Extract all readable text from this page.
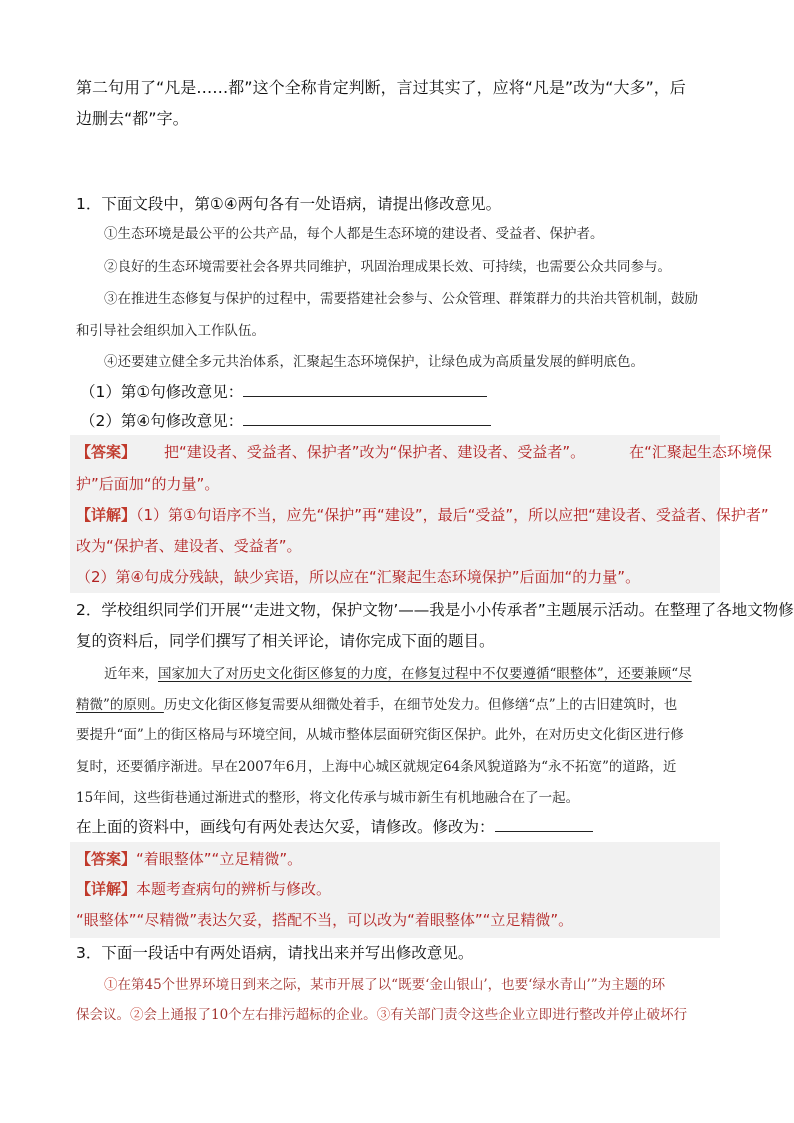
第二句用了“凡是……都”这个全称肯定判断，言过其实了，应将“凡是”改为“大多”，后
边删去“都”字。
1．下面文段中，第①④两句各有一处语病，请提出修改意见。
①生态环境是最公平的公共产品，每个人都是生态环境的建设者、受益者、保护者。
②良好的生态环境需要社会各界共同维护，巩固治理成果长效、可持续，也需要公众共同参与。
③在推进生态修复与保护的过程中，需要搭建社会参与、公众管理、群策群力的共治共管机制，鼓励
和引导社会组织加入工作队伍。
④还要建立健全多元共治体系，汇聚起生态环境保护，让绿色成为高质量发展的鲜明底色。
（1）第①句修改意见：
（2）第④句修改意见：
【答案】 把“建设者、受益者、保护者”改为“保护者、建设者、受益者”。	在“汇聚起生态环境保
护”后面加“的力量”。
【详解】（1）第①句语序不当，应先“保护”再“建设”，最后“受益”，所以应把“建设者、受益者、保护者”
改为“保护者、建设者、受益者”。
（2）第④句成分残缺，缺少宾语，所以应在“汇聚起生态环境保护”后面加“的力量”。
2．学校组织同学们开展“‘走进文物，保护文物’——我是小小传承者”主题展示活动。在整理了各地文物修
复的资料后，同学们撰写了相关评论，请你完成下面的题目。
近年来，国家加大了对历史文化街区修复的力度，在修复过程中不仅要遵循“眼整体”，还要兼顾“尽
精微”的原则。历史文化街区修复需要从细微处着手，在细节处发力。但修缮“点”上的古旧建筑时，也
要提升“面”上的街区格局与环境空间，从城市整体层面研究街区保护。此外，在对历史文化街区进行修
复时，还要循序渐进。早在2007年6月，上海中心城区就规定64条风貌道路为“永不拓宽”的道路，近
15年间，这些街巷通过渐进式的整形，将文化传承与城市新生有机地融合在了一起。
在上面的资料中，画线句有两处表达欠妥，请修改。修改为：
【答案】“着眼整体”“立足精微”。
【详解】本题考查病句的辨析与修改。
“眼整体”“尽精微”表达欠妥，搭配不当，可以改为“着眼整体”“立足精微”。
3．下面一段话中有两处语病，请找出来并写出修改意见。
①在第45个世界环境日到来之际，某市开展了以“既要‘金山银山’，也要‘绿水青山’”为主题的环
保会议。②会上通报了10个左右排污超标的企业。③有关部门责令这些企业立即进行整改并停止破坏行
